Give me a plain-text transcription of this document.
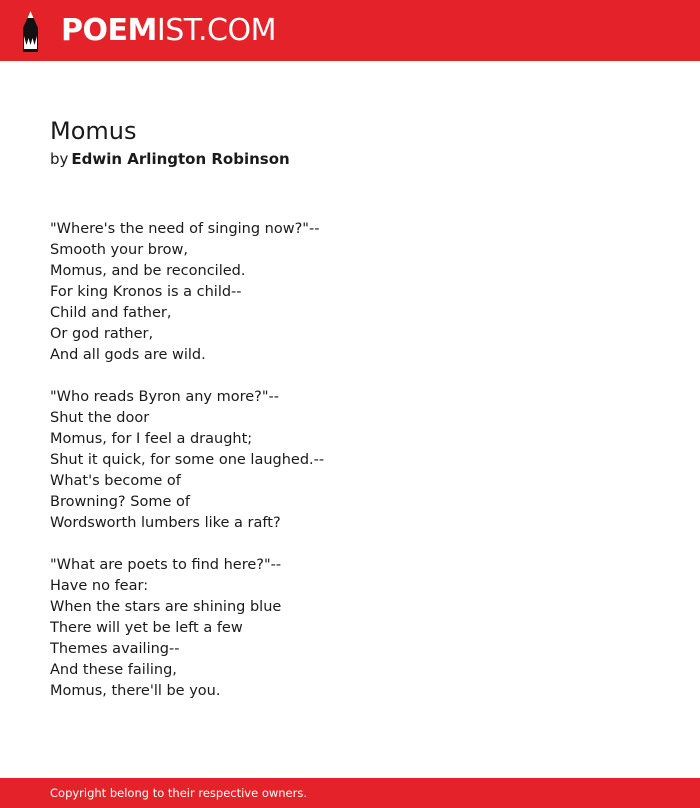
POEMIST.COM
Momus
by Edwin Arlington Robinson
"Where's the need of singing now?"--
Smooth your brow,
Momus, and be reconciled.
For king Kronos is a child--
Child and father,
Or god rather,
And all gods are wild.
"Who reads Byron any more?"--
Shut the door
Momus, for I feel a draught;
Shut it quick, for some one laughed.--
What's become of
Browning? Some of
Wordsworth lumbers like a raft?
"What are poets to find here?"--
Have no fear:
When the stars are shining blue
There will yet be left a few
Themes availing--
And these failing,
Momus, there'll be you.
Copyright belong to their respective owners.
